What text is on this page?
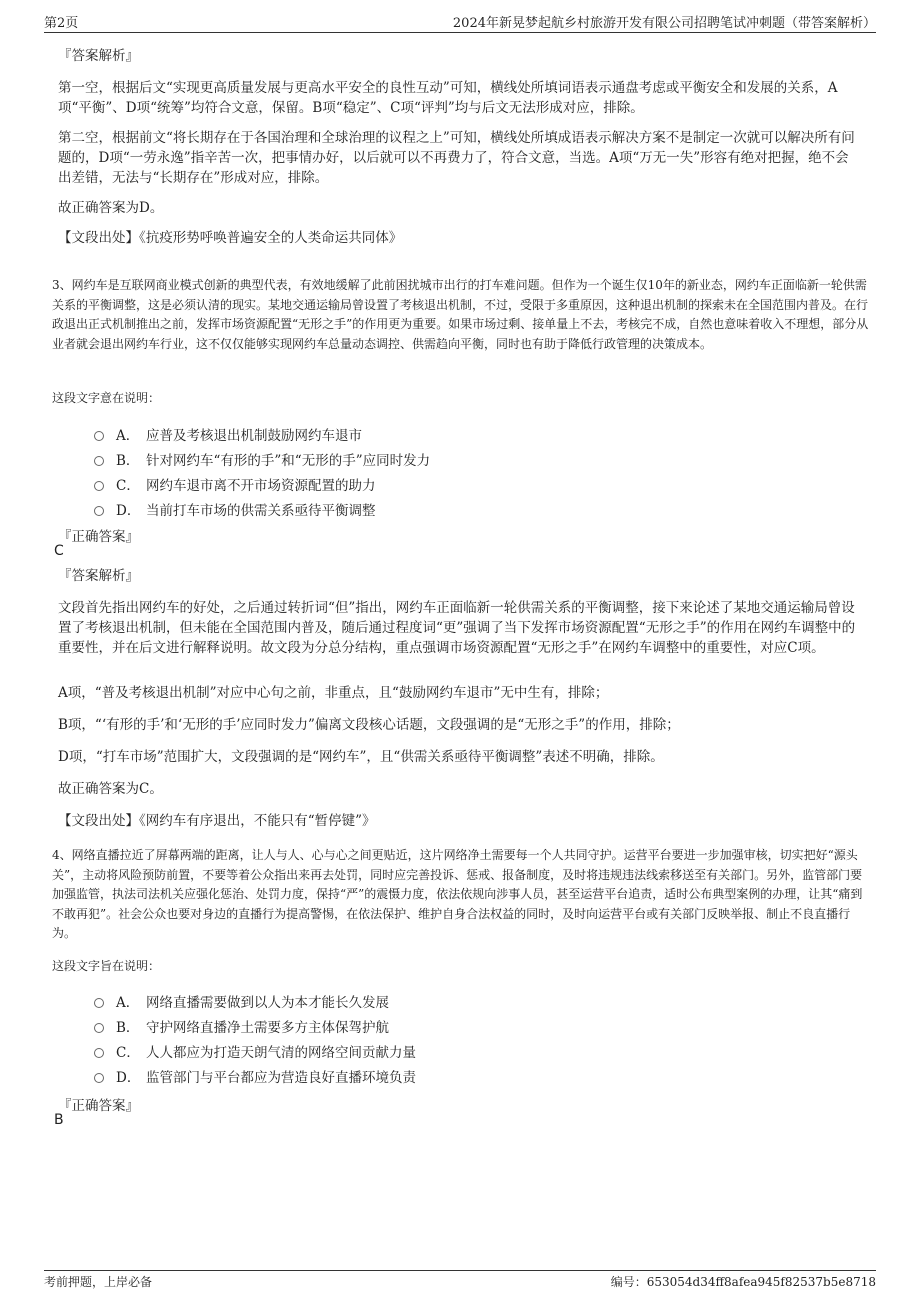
第2页	2024年新晃梦起航乡村旅游开发有限公司招聘笔试冲刺题（带答案解析）
『答案解析』
第一空，根据后文“实现更高质量发展与更高水平安全的良性互动”可知，横线处所填词语表示通盘考虑或平衡安全和发展的关系，A项“平衡”、D项“统筹”均符合文意，保留。B项“稳定”、C项“评判”均与后文无法形成对应，排除。
第二空，根据前文“将长期存在于各国治理和全球治理的议程之上”可知，横线处所填成语表示解决方案不是制定一次就可以解决所有问题的，D项“一劳永逸”指辛苦一次，把事情办好，以后就可以不再费力了，符合文意，当选。A项“万无一失”形容有绝对把握，绝不会出差错，无法与“长期存在”形成对应，排除。
故正确答案为D。
【文段出处】《抗疫形势呼唤普遍安全的人类命运共同体》
3、网约车是互联网商业模式创新的典型代表，有效地缓解了此前困扰城市出行的打车难问题。但作为一个诞生仅10年的新业态，网约车正面临新一轮供需关系的平衡调整，这是必须认清的现实。某地交通运输局曾设置了考核退出机制，不过，受限于多重原因，这种退出机制的探索未在全国范围内普及。在行政退出正式机制推出之前，发挥市场资源配置“无形之手”的作用更为重要。如果市场过剩、接单量上不去，考核完不成，自然也意味着收入不理想，部分从业者就会退出网约车行业，这不仅仅能够实现网约车总量动态调控、供需趋向平衡，同时也有助于降低行政管理的决策成本。
这段文字意在说明：
A． 应普及考核退出机制鼓励网约车退市
B． 针对网约车“有形的手”和“无形的手”应同时发力
C． 网约车退市离不开市场资源配置的助力
D． 当前打车市场的供需关系亟待平衡调整
『正确答案』
C
『答案解析』
文段首先指出网约车的好处，之后通过转折词“但”指出，网约车正面临新一轮供需关系的平衡调整，接下来论述了某地交通运输局曾设置了考核退出机制，但未能在全国范围内普及，随后通过程度词“更”强调了当下发挥市场资源配置“无形之手”的作用在网约车调整中的重要性，并在后文进行解释说明。故文段为分总分结构，重点强调市场资源配置“无形之手”在网约车调整中的重要性，对应C项。
A项，“普及考核退出机制”对应中心句之前，非重点，且“鼓励网约车退市”无中生有，排除；
B项，“‘有形的手’和‘无形的手’应同时发力”偏离文段核心话题，文段强调的是“无形之手”的作用，排除；
D项，“打车市场”范围扩大，文段强调的是“网约车”，且“供需关系亟待平衡调整”表述不明确，排除。
故正确答案为C。
【文段出处】《网约车有序退出，不能只有“暂停键”》
4、网络直播拉近了屏幕两端的距离，让人与人、心与心之间更贴近，这片网络净土需要每一个人共同守护。运营平台要进一步加强审核，切实把好“源头关”，主动将风险预防前置，不要等着公众指出来再去处罚，同时应完善投诉、惩戒、报备制度，及时将违规违法线索移送至有关部门。另外，监管部门要加强监管，执法司法机关应强化惩治、处罚力度，保持“严”的震慑力度，依法依规向涉事人员，甚至运营平台追责，适时公布典型案例的办理，让其“痛到不敢再犯”。社会公众也要对身边的直播行为提高警惕，在依法保护、维护自身合法权益的同时，及时向运营平台或有关部门反映举报、制止不良直播行为。
这段文字旨在说明：
A． 网络直播需要做到以人为本才能长久发展
B． 守护网络直播净土需要多方主体保驾护航
C． 人人都应为打造天朗气清的网络空间贡献力量
D． 监管部门与平台都应为营造良好直播环境负责
『正确答案』
B
考前押题，上岸必备	编号：653054d34ff8afea945f82537b5e8718
